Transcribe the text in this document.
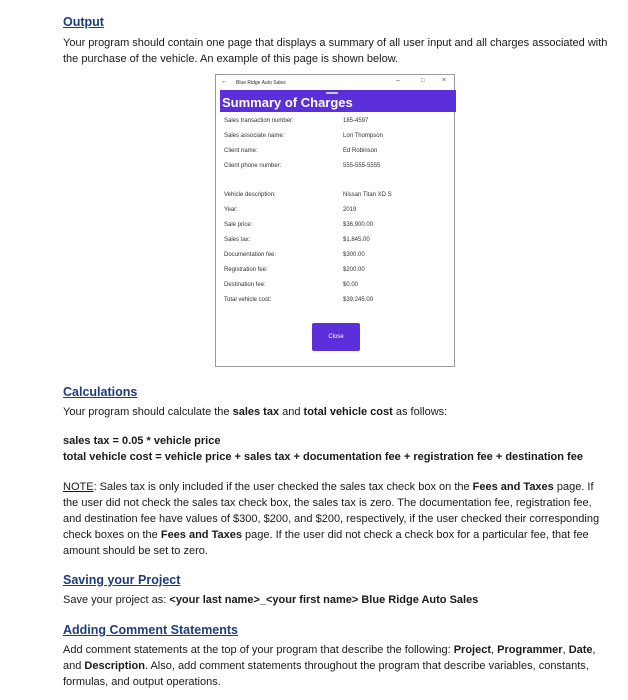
Output
Your program should contain one page that displays a summary of all user input and all charges associated with the purchase of the vehicle. An example of this page is shown below.
← Blue Ridge Auto Sales	–	□ ×
Summary of Charges
Sales transaction number:	185-4597
Sales associate name:	Lori Thompson
Client name:	Ed Robinson
Client phone number:	555-555-5555
Vehicle description:	Nissan Titan XD S
Year:	2019
Sale price:	$36,900.00
Sales tax:	$1,845.00
Documentation fee:	$300.00
Registration fee:	$200.00
Destination fee:	$0.00
Total vehicle cost:	$39,245.00
Close
Calculations
Your program should calculate the sales tax and total vehicle cost as follows:
sales tax = 0.05 * vehicle price
total vehicle cost = vehicle price + sales tax + documentation fee + registration fee + destination fee
NOTE: Sales tax is only included if the user checked the sales tax check box on the Fees and Taxes page. If the user did not check the sales tax check box, the sales tax is zero. The documentation fee, registration fee, and destination fee have values of $300, $200, and $200, respectively, if the user checked their corresponding check boxes on the Fees and Taxes page. If the user did not check a check box for a particular fee, that fee amount should be set to zero.
Saving your Project
Save your project as: <your last name>_<your first name> Blue Ridge Auto Sales
Adding Comment Statements
Add comment statements at the top of your program that describe the following: Project, Programmer, Date, and Description. Also, add comment statements throughout the program that describe variables, constants, formulas, and output operations.
